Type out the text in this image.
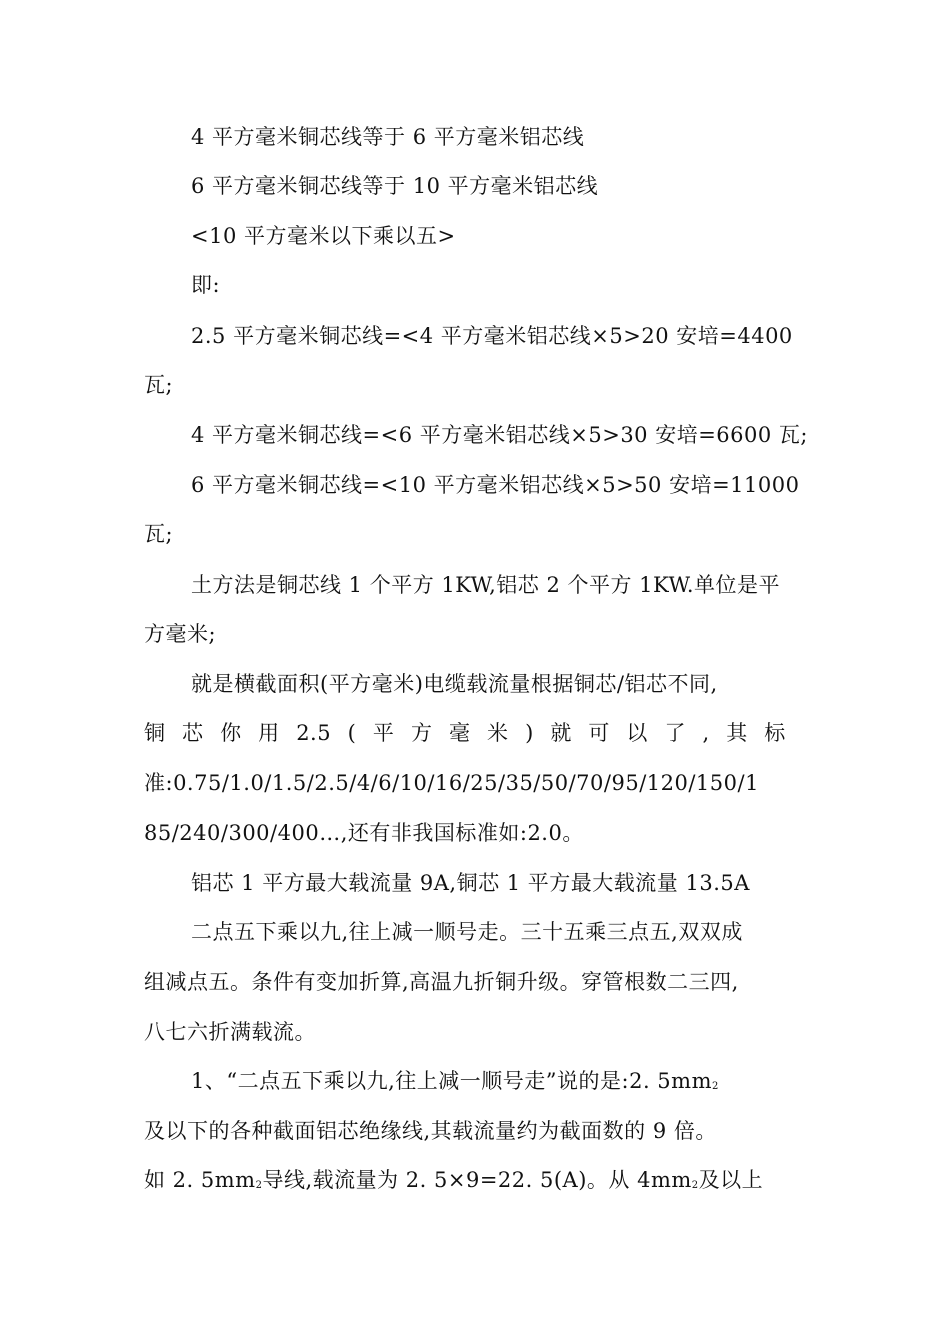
4 平方毫米铜芯线等于 6 平方毫米铝芯线
6 平方毫米铜芯线等于 10 平方毫米铝芯线
<10 平方毫米以下乘以五>
即:
2.5 平方毫米铜芯线=<4 平方毫米铝芯线×5>20 安培=4400
瓦;
4 平方毫米铜芯线=<6 平方毫米铝芯线×5>30 安培=6600 瓦;
6 平方毫米铜芯线=<10 平方毫米铝芯线×5>50 安培=11000
瓦;
土方法是铜芯线 1 个平方 1KW,铝芯 2 个平方 1KW.单位是平
方毫米;
就是横截面积(平方毫米)电缆载流量根据铜芯/铝芯不同,
铜 芯 你 用 2.5 ( 平 方 毫 米 ) 就 可 以 了 , 其 标
准:0.75/1.0/1.5/2.5/4/6/10/16/25/35/50/70/95/120/150/1
85/240/300/400…,还有非我国标准如:2.0。
铝芯 1 平方最大载流量 9A,铜芯 1 平方最大载流量 13.5A
二点五下乘以九,往上减一顺号走。三十五乘三点五,双双成
组减点五。条件有变加折算,高温九折铜升级。穿管根数二三四,
八七六折满载流。
1、“二点五下乘以九,往上减一顺号走”说的是:2. $5mm^2$
及以下的各种截面铝芯绝缘线,其载流量约为截面数的 9 倍。
如 2. $5mm^2$导线,载流量为 2. 5×9=22. 5(A)。从 $4mm^2$及以上
